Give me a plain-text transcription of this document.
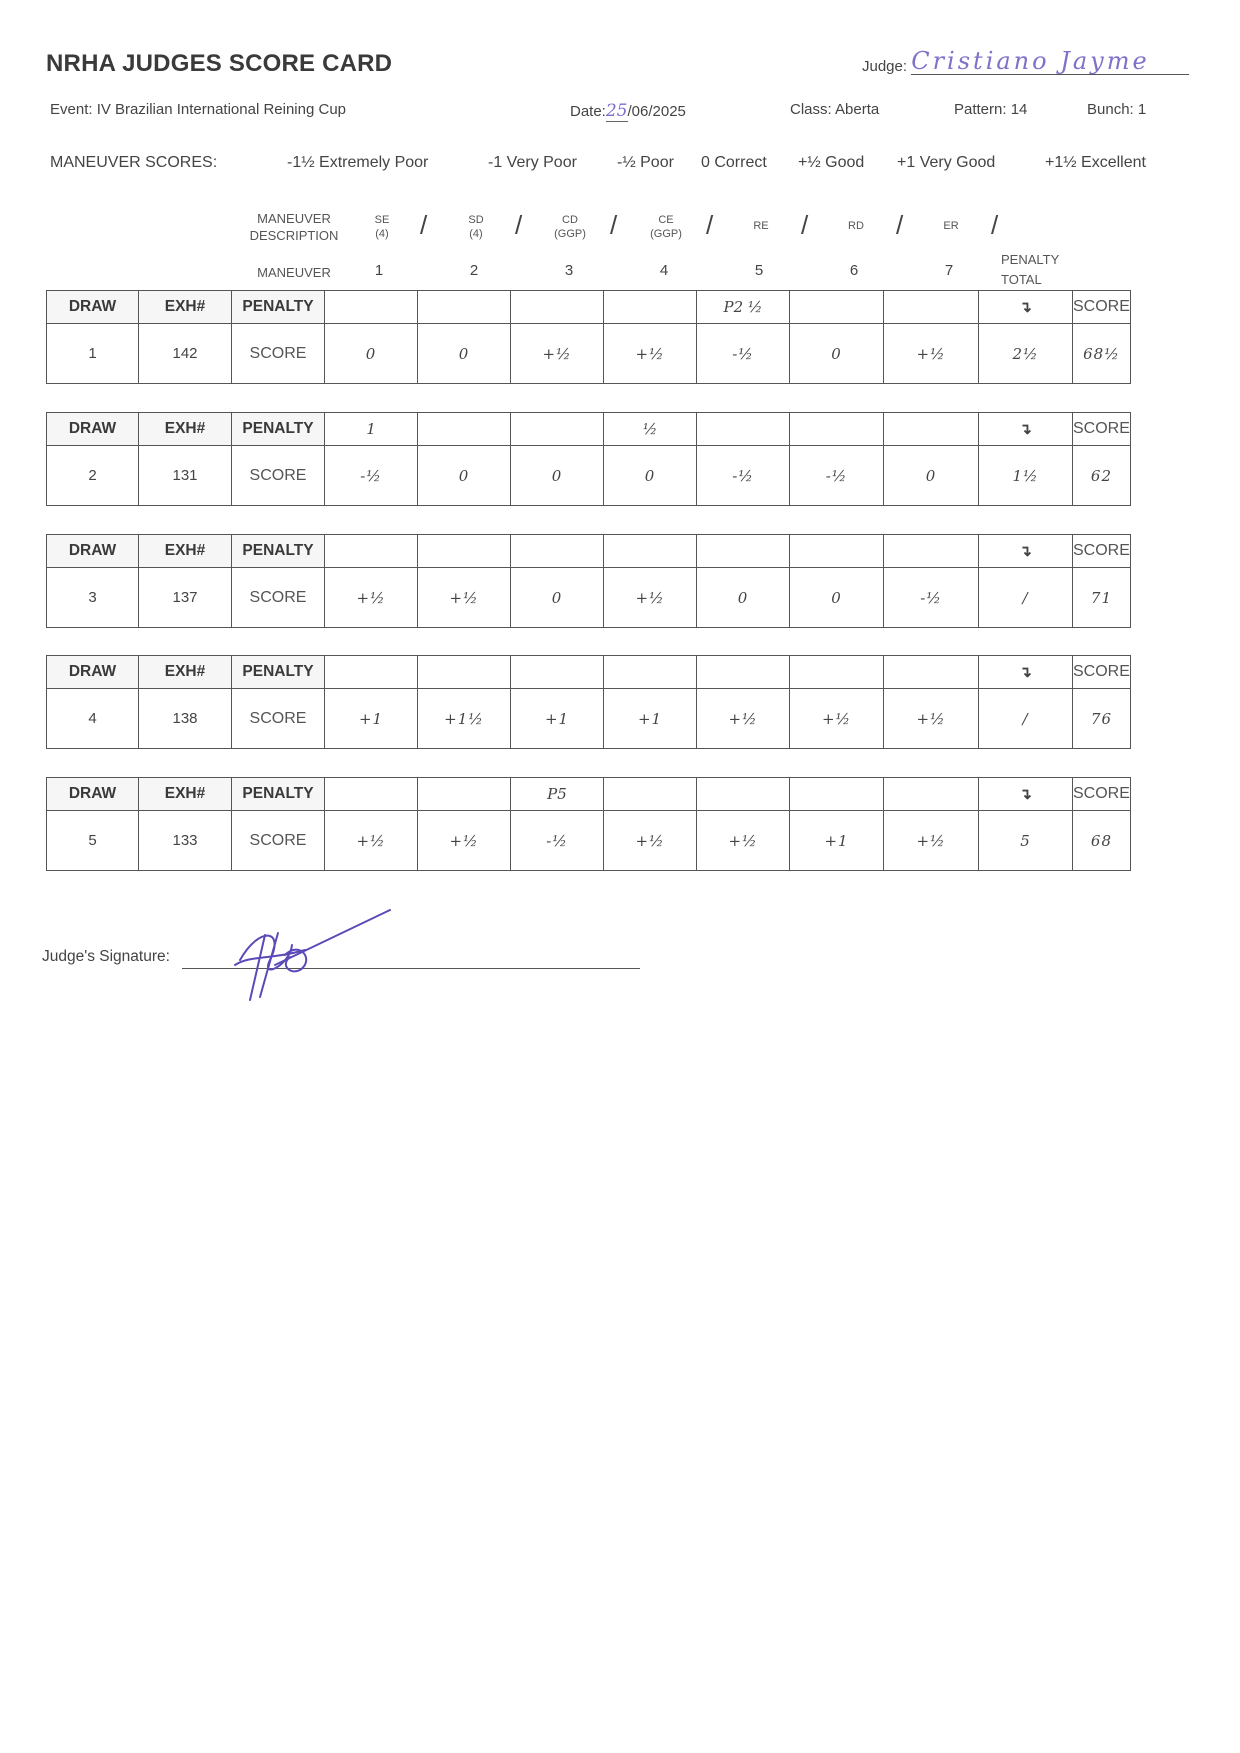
NRHA JUDGES SCORE CARD	Judge: Cristiano Jayme
Event: IV Brazilian International Reining Cup	Date:25/06/2025	Class: Aberta	Pattern: 14	Bunch: 1
MANEUVER SCORES:	-1½ Extremely Poor	-1 Very Poor	-½ Poor 0 Correct +½ Good +1 Very Good	+1½ Excellent
MANEUVER
DESCRIPTION
MANEUVER
SE
(4)
SD
(4)
CD
(GGP)
CE
(GGP)
RE	RD	ER
/	/	/	/	/	/	/
1	2	3	4	5	6	7
PENALTY
TOTAL
DRAW	EXH#	PENALTY					P2 ½			↴	SCORE
1	142	SCORE	0	0	+½	+½	-½	0	+½	2½	68½
DRAW	EXH#	PENALTY	1			½				↴	SCORE
2	131	SCORE	-½	0	0	0	-½	-½	0	1½	62
DRAW	EXH#	PENALTY								↴	SCORE
3	137	SCORE	+½	+½	0	+½	0	0	-½	/	71
DRAW	EXH#	PENALTY								↴	SCORE
4	138	SCORE	+1	+1½	+1	+1	+½	+½	+½	/	76
DRAW	EXH#	PENALTY			P5					↴	SCORE
5	133	SCORE	+½	+½	-½	+½	+½	+1	+½	5	68
Judge's Signature:
